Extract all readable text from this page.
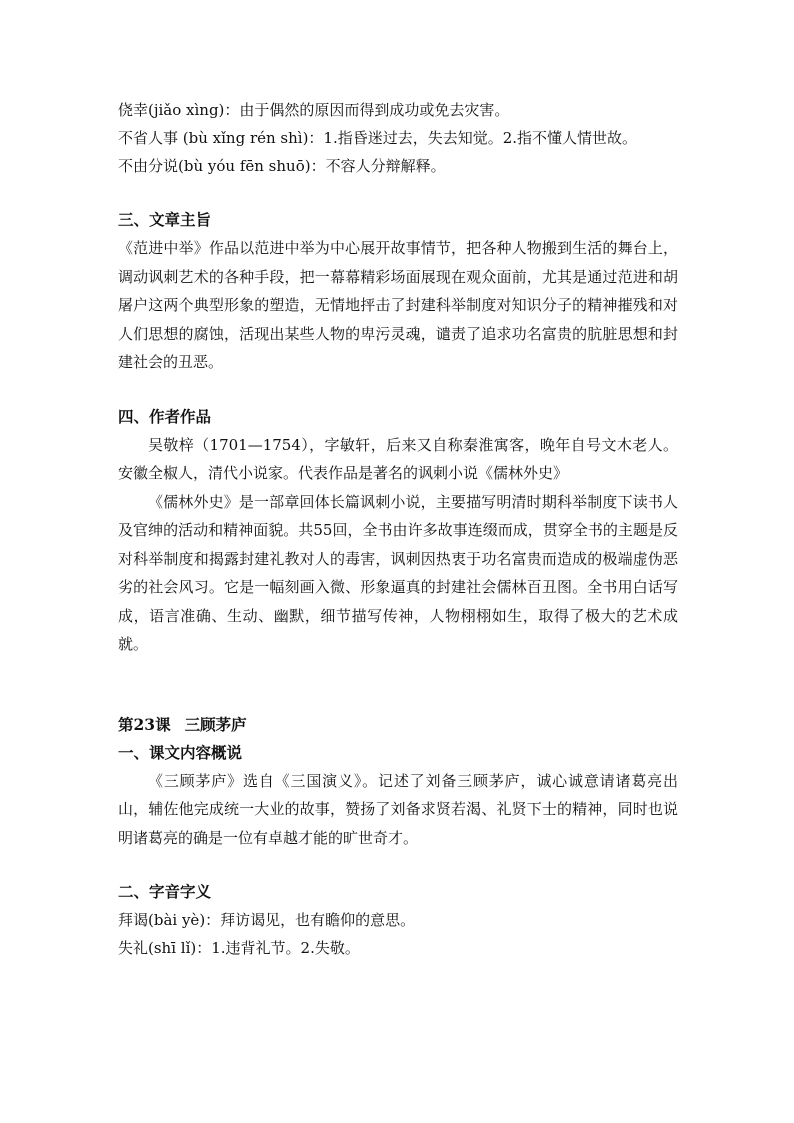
侥幸(jiǎo xìng)：由于偶然的原因而得到成功或免去灾害。
不省人事 (bù xǐng rén shì)：1.指昏迷过去，失去知觉。2.指不懂人情世故。
不由分说(bù yóu fēn shuō)：不容人分辩解释。
三、文章主旨

《范进中举》作品以范进中举为中心展开故事情节，把各种人物搬到生活的舞台上，调动讽刺艺术的各种手段，把一幕幕精彩场面展现在观众面前，尤其是通过范进和胡屠户这两个典型形象的塑造，无情地抨击了封建科举制度对知识分子的精神摧残和对人们思想的腐蚀，活现出某些人物的卑污灵魂，谴责了追求功名富贵的肮脏思想和封建社会的丑恶。

四、作者作品

吴敬梓（1701—1754），字敏轩，后来又自称秦淮寓客，晚年自号文木老人。安徽全椒人，清代小说家。代表作品是著名的讽刺小说《儒林外史》

《儒林外史》是一部章回体长篇讽刺小说，主要描写明清时期科举制度下读书人及官绅的活动和精神面貌。共55回，全书由许多故事连缀而成，贯穿全书的主题是反对科举制度和揭露封建礼教对人的毒害，讽刺因热衷于功名富贵而造成的极端虚伪恶劣的社会风习。它是一幅刻画入微、形象逼真的封建社会儒林百丑图。全书用白话写成，语言准确、生动、幽默，细节描写传神，人物栩栩如生，取得了极大的艺术成就。

第23课 三顾茅庐
一、课文内容概说

《三顾茅庐》选自《三国演义》。记述了刘备三顾茅庐，诚心诚意请诸葛亮出山，辅佐他完成统一大业的故事，赞扬了刘备求贤若渴、礼贤下士的精神，同时也说明诸葛亮的确是一位有卓越才能的旷世奇才。

二、字音字义
拜谒(bài yè)：拜访谒见，也有瞻仰的意思。
失礼(shī lǐ)：1.违背礼节。2.失敬。
